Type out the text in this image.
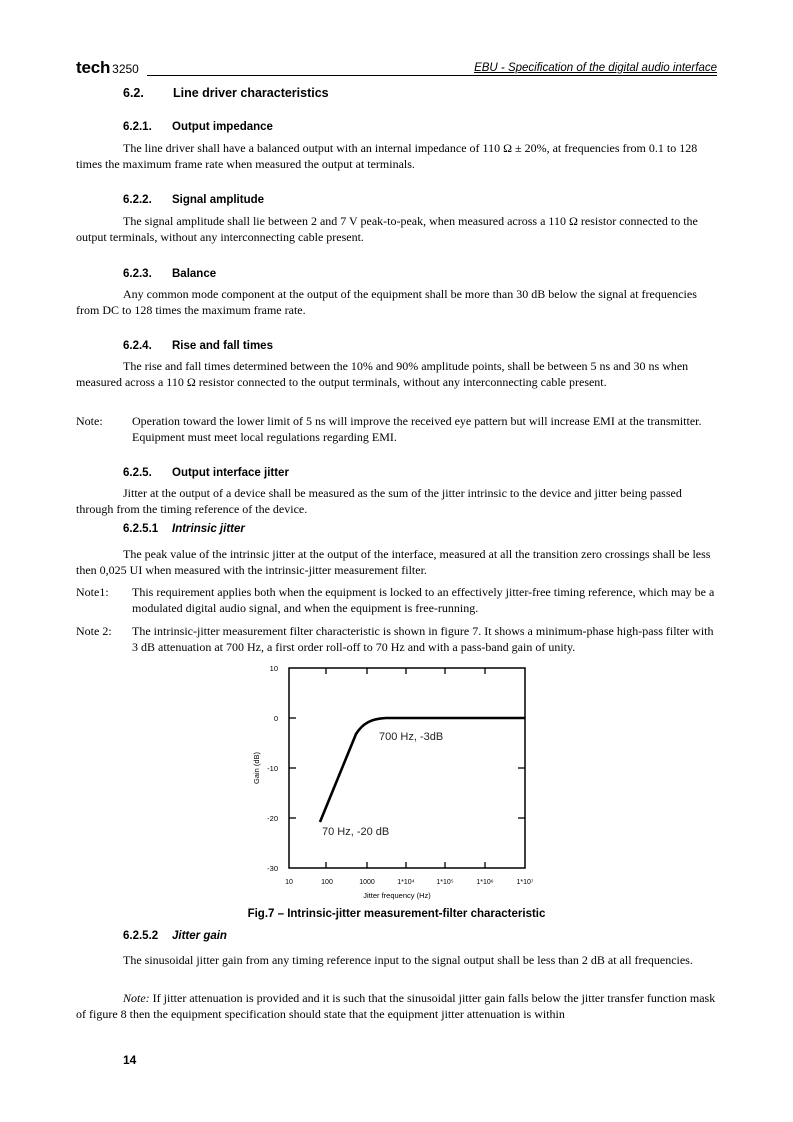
tech 3250	EBU - Specification of the digital audio interface
6.2. Line driver characteristics
6.2.1. Output impedance
The line driver shall have a balanced output with an internal impedance of 110 Ω ± 20%, at frequencies from 0.1 to 128 times the maximum frame rate when measured the output at terminals.
6.2.2. Signal amplitude
The signal amplitude shall lie between 2 and 7 V peak-to-peak, when measured across a 110 Ω resistor connected to the output terminals, without any interconnecting cable present.
6.2.3. Balance
Any common mode component at the output of the equipment shall be more than 30 dB below the signal at frequencies from DC to 128 times the maximum frame rate.
6.2.4. Rise and fall times
The rise and fall times determined between the 10% and 90% amplitude points, shall be between 5 ns and 30 ns when measured across a 110 Ω resistor connected to the output terminals, without any interconnecting cable present.
Note: Operation toward the lower limit of 5 ns will improve the received eye pattern but will increase EMI at the transmitter. Equipment must meet local regulations regarding EMI.
6.2.5. Output interface jitter
Jitter at the output of a device shall be measured as the sum of the jitter intrinsic to the device and jitter being passed through from the timing reference of the device.
6.2.5.1 Intrinsic jitter
The peak value of the intrinsic jitter at the output of the interface, measured at all the transition zero crossings shall be less then 0,025 UI when measured with the intrinsic-jitter measurement filter.
Note1: This requirement applies both when the equipment is locked to an effectively jitter-free timing reference, which may be a modulated digital audio signal, and when the equipment is free-running.
Note 2: The intrinsic-jitter measurement filter characteristic is shown in figure 7. It shows a minimum-phase high-pass filter with 3 dB attenuation at 700 Hz, a first order roll-off to 70 Hz and with a pass-band gain of unity.
10
0
-10
-20
-30
10	100	1000	1*10⁴	1*10⁵	1*10⁶	1*10⁷
Jitter frequency (Hz)
Gain (dB)
700 Hz, -3dB
70 Hz, -20 dB
Fig.7 – Intrinsic-jitter measurement-filter characteristic
6.2.5.2 Jitter gain
The sinusoidal jitter gain from any timing reference input to the signal output shall be less than 2 dB at all frequencies.
Note: If jitter attenuation is provided and it is such that the sinusoidal jitter gain falls below the jitter transfer function mask of figure 8 then the equipment specification should state that the equipment jitter attenuation is within
14
